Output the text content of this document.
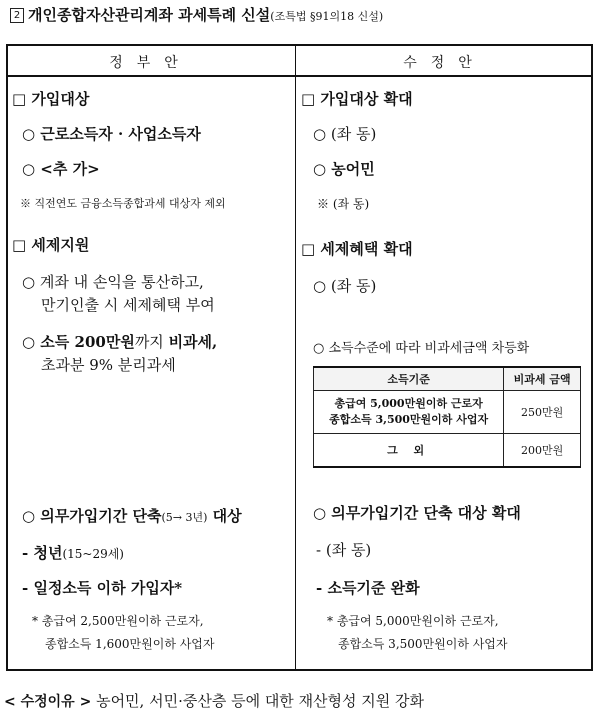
2 개인종합자산관리계좌 과세특례 신설(조특법 §91의18 신설)
정부안	수정안
□ 가입대상
○ 근로소득자 · 사업소득자
○ <추 가>
※ 직전연도 금융소득종합과세 대상자 제외
□ 세제지원
○ 계좌 내 손익을 통산하고,
만기인출 시 세제혜택 부여
○ 소득 200만원까지 비과세,
초과분 9% 분리과세
○ 의무가입기간 단축(5→ 3년) 대상
- 청년(15~29세)
- 일정소득 이하 가입자*
* 총급여 2,500만원이하 근로자,
종합소득 1,600만원이하 사업자
□ 가입대상 확대
○ (좌 동)
○ 농어민
※ (좌 동)
□ 세제혜택 확대
○ (좌 동)
○ 소득수준에 따라 비과세금액 차등화
소득기준	비과세 금액

총급여 5,000만원이하 근로자
종합소득 3,500만원이하 사업자	250만원
그 외	200만원
○ 의무가입기간 단축 대상 확대
- (좌 동)
- 소득기준 완화
* 총급여 5,000만원이하 근로자,
종합소득 3,500만원이하 사업자
< 수정이유 > 농어민, 서민·중산층 등에 대한 재산형성 지원 강화
